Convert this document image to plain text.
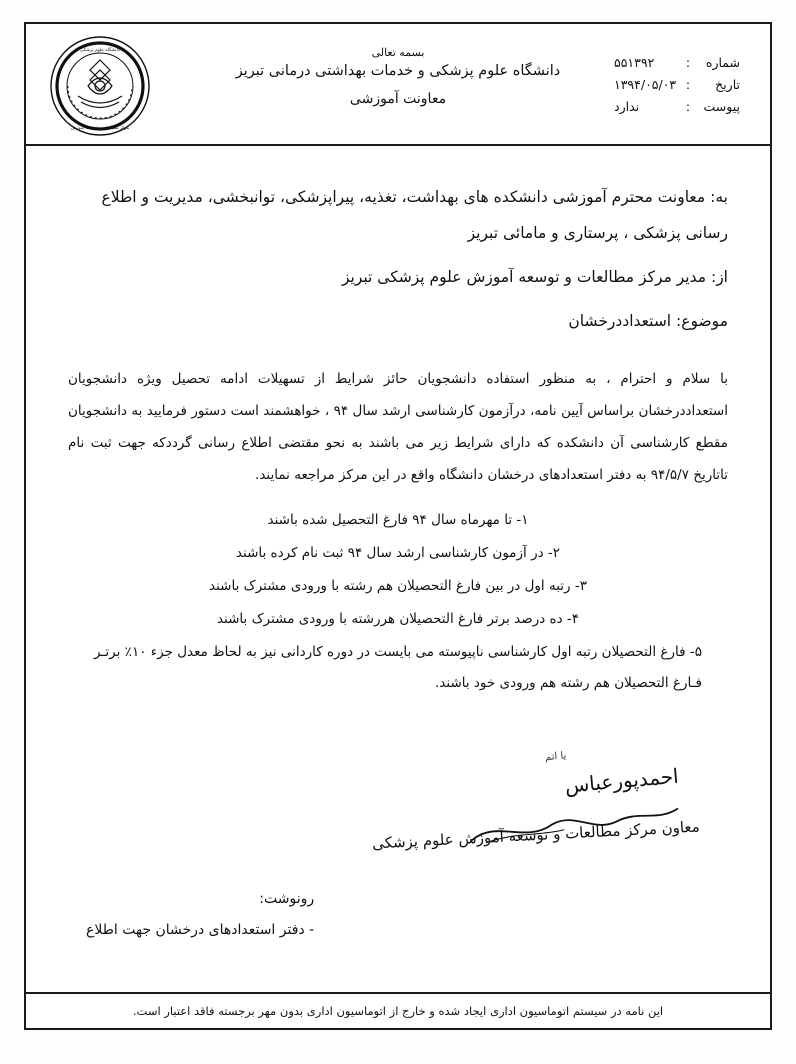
شماره
:
۵۵۱۳۹۲
تاریخ
:
۱۳۹۴/۰۵/۰۳
پیوست
:
ندارد
بسمه تعالی
دانشگاه علوم پزشکی و خدمات بهداشتی درمانی تبریز
معاونت آموزشی
دانشگاه علوم پزشکی
مرکز مطالعات و توسعه آموزش

به: معاونت محترم آموزشی دانشکده های بهداشت، تغذیه، پیراپزشکی، توانبخشی، مدیریت و اطلاع

رسانی پزشکی ، پرستاری و مامائی تبریز

از: مدیر مرکز مطالعات و توسعه آموزش علوم پزشکی تبریز

موضوع: استعداددرخشان

با سلام و احترام ، به منظور استفاده دانشجویان حائز شرایط از تسهیلات ادامه تحصیل ویژه دانشجویان استعداددرخشان براساس آیین نامه، درآزمون کارشناسی ارشد سال ۹۴ ، خواهشمند است دستور فرمایید به دانشجویان مقطع کارشناسی آن دانشکده که دارای شرایط زیر می باشند به نحو مقتضی اطلاع رسانی گرددکه جهت ثبت نام تاتاریخ ۹۴/۵/۷ به دفتر استعدادهای درخشان دانشگاه واقع در این مرکز مراجعه نمایند.

۱- تا مهرماه سال ۹۴ فارغ التحصیل شده باشند
۲- در آزمون کارشناسی ارشد سال ۹۴ ثبت نام کرده باشند
۳- رتبه اول در بین فارغ التحصیلان هم رشته با ورودی مشترک باشند
۴- ده درصد برتر فارغ التحصیلان هررشته با ورودی مشترک باشند
۵- فارغ التحصیلان رتبه اول کارشناسی ناپیوسته می بایست در دوره کاردانی نیز به لحاظ معدل جزء ۱۰٪ برتـر فـارغ التحصیلان هم رشته هم ورودی خود باشند.
یا اتم
احمدپورعباس
معاون مرکز مطالعات و توسعه آموزش علوم پزشکی
رونوشت:
- دفتر استعدادهای درخشان جهت اطلاع
این نامه در سیستم اتوماسیون اداری ایجاد شده و خارج از اتوماسیون اداری بدون مهر برجسته فاقد اعتبار است.
